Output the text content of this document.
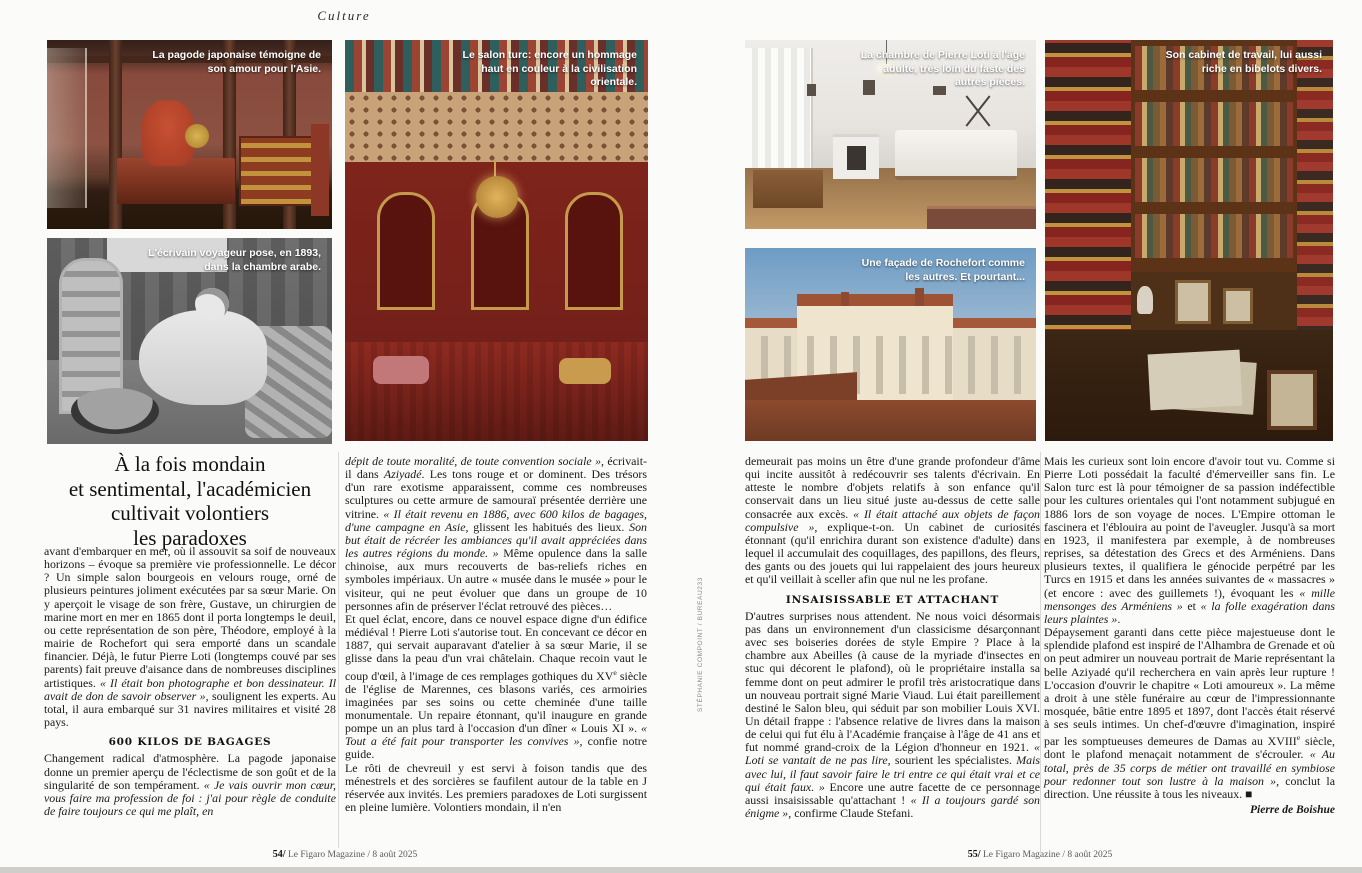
Culture
La pagode japonaise témoigne de son amour pour l'Asie.
L'écrivain voyageur pose, en 1893, dans la chambre arabe.
Le salon turc: encore un hommage haut en couleur à la civilisation orientale.
La chambre de Pierre Loti à l'âge adulte, très loin du faste des autres pièces.
Une façade de Rochefort comme les autres. Et pourtant...
Son cabinet de travail, lui aussi riche en bibelots divers.
À la fois mondain
et sentimental, l'académicien
cultivait volontiers
les paradoxes

avant d'embarquer en mer, où il assouvit sa soif de nouveaux horizons – évoque sa première vie professionnelle. Le décor ? Un simple salon bourgeois en velours rouge, orné de plusieurs peintures joliment exécutées par sa sœur Marie. On y aperçoit le visage de son frère, Gustave, un chirurgien de marine mort en mer en 1865 dont il porta longtemps le deuil, ou cette représentation de son père, Théodore, employé à la mairie de Rochefort qui sera emporté dans un scandale financier. Déjà, le futur Pierre Loti (longtemps couvé par ses parents) fait preuve d'aisance dans de nombreuses disciplines artistiques. « Il était bon photographe et bon dessinateur. Il avait de don de savoir observer », soulignent les experts. Au total, il aura embarqué sur 31 navires militaires et visité 28 pays.

600 KILOS DE BAGAGES

Changement radical d'atmosphère. La pagode japonaise donne un premier aperçu de l'éclectisme de son goût et de la singularité de son tempérament. « Je vais ouvrir mon cœur, vous faire ma profession de foi : j'ai pour règle de conduite de faire toujours ce qui me plaît, en

dépit de toute moralité, de toute convention sociale », écrivait-il dans Aziyadé. Les tons rouge et or dominent. Des trésors d'un rare exotisme apparaissent, comme ces nombreuses sculptures ou cette armure de samouraï présentée derrière une vitrine. « Il était revenu en 1886, avec 600 kilos de bagages, d'une campagne en Asie, glissent les habitués des lieux. Son but était de récréer les ambiances qu'il avait appréciées dans les autres régions du monde. » Même opulence dans la salle chinoise, aux murs recouverts de bas-reliefs riches en symboles impériaux. Un autre « musée dans le musée » pour le visiteur, qui ne peut évoluer que dans un groupe de 10 personnes afin de préserver l'éclat retrouvé des pièces…

Et quel éclat, encore, dans ce nouvel espace digne d'un édifice médiéval ! Pierre Loti s'autorise tout. En concevant ce décor en 1887, qui servait auparavant d'atelier à sa sœur Marie, il se glisse dans la peau d'un vrai châtelain. Chaque recoin vaut le coup d'œil, à l'image de ces remplages gothiques du XVe siècle de l'église de Marennes, ces blasons variés, ces armoiries imaginées par ses soins ou cette cheminée d'une taille monumentale. Un repaire étonnant, qu'il inaugure en grande pompe un an plus tard à l'occasion d'un dîner « Louis XI ». « Tout a été fait pour transporter les convives », confie notre guide.

Le rôti de chevreuil y est servi à foison tandis que des ménestrels et des sorcières se faufilent autour de la table en J réservée aux invités. Les premiers paradoxes de Loti surgissent en pleine lumière. Volontiers mondain, il n'en

demeurait pas moins un être d'une grande profondeur d'âme qui incite aussitôt à redécouvrir ses talents d'écrivain. En atteste le nombre d'objets relatifs à son enfance qu'il conservait dans un lieu situé juste au-dessus de cette salle consacrée aux excès. « Il était attaché aux objets de façon compulsive », explique-t-on. Un cabinet de curiosités étonnant (qu'il enrichira durant son existence d'adulte) dans lequel il accumulait des coquillages, des papillons, des fleurs, des gants ou des jouets qui lui rappelaient des jours heureux et qu'il veillait à sceller afin que nul ne les profane.

INSAISISSABLE ET ATTACHANT

D'autres surprises nous attendent. Ne nous voici désormais pas dans un environnement d'un classicisme désarçonnant avec ses boiseries dorées de style Empire ? Place à la chambre aux Abeilles (à cause de la myriade d'insectes en stuc qui décorent le plafond), où le propriétaire installa sa femme dont on peut admirer le profil très aristocratique dans un nouveau portrait signé Marie Viaud. Lui était pareillement destiné le Salon bleu, qui séduit par son mobilier Louis XVI. Un détail frappe : l'absence relative de livres dans la maison de celui qui fut élu à l'Académie française à l'âge de 41 ans et fut nommé grand-croix de la Légion d'honneur en 1921. « Loti se vantait de ne pas lire, sourient les spécialistes. Mais avec lui, il faut savoir faire le tri entre ce qui était vrai et ce qui était faux. » Encore une autre facette de ce personnage aussi insaisissable qu'attachant ! « Il a toujours gardé son énigme », confirme Claude Stefani.

Mais les curieux sont loin encore d'avoir tout vu. Comme si Pierre Loti possédait la faculté d'émerveiller sans fin. Le Salon turc est là pour témoigner de sa passion indéfectible pour les cultures orientales qui l'ont notamment subjugué en 1886 lors de son voyage de noces. L'Empire ottoman le fascinera et l'éblouira au point de l'aveugler. Jusqu'à sa mort en 1923, il manifestera par exemple, à de nombreuses reprises, sa détestation des Grecs et des Arméniens. Dans plusieurs textes, il qualifiera le génocide perpétré par les Turcs en 1915 et dans les années suivantes de « massacres » (et encore : avec des guillemets !), évoquant les « mille mensonges des Arméniens » et « la folle exagération dans leurs plaintes ».

Dépaysement garanti dans cette pièce majestueuse dont le splendide plafond est inspiré de l'Alhambra de Grenade et où on peut admirer un nouveau portrait de Marie représentant la belle Aziyadé qu'il recherchera en vain après leur rupture ! L'occasion d'ouvrir le chapitre « Loti amoureux ». La même a droit à une stèle funéraire au cœur de l'impressionnante mosquée, bâtie entre 1895 et 1897, dont l'accès était réservé à ses seuls intimes. Un chef-d'œuvre d'imagination, inspiré par les somptueuses demeures de Damas au XVIIIe siècle, dont le plafond menaçait notamment de s'écrouler. « Au total, près de 35 corps de métier ont travaillé en symbiose pour redonner tout son lustre à la maison », conclut la direction. Une réussite à tous les niveaux. ■

Pierre de Boishue
STÉPHANIE COMPOINT / BUREAU233
54/ Le Figaro Magazine / 8 août 2025	55/ Le Figaro Magazine / 8 août 2025
